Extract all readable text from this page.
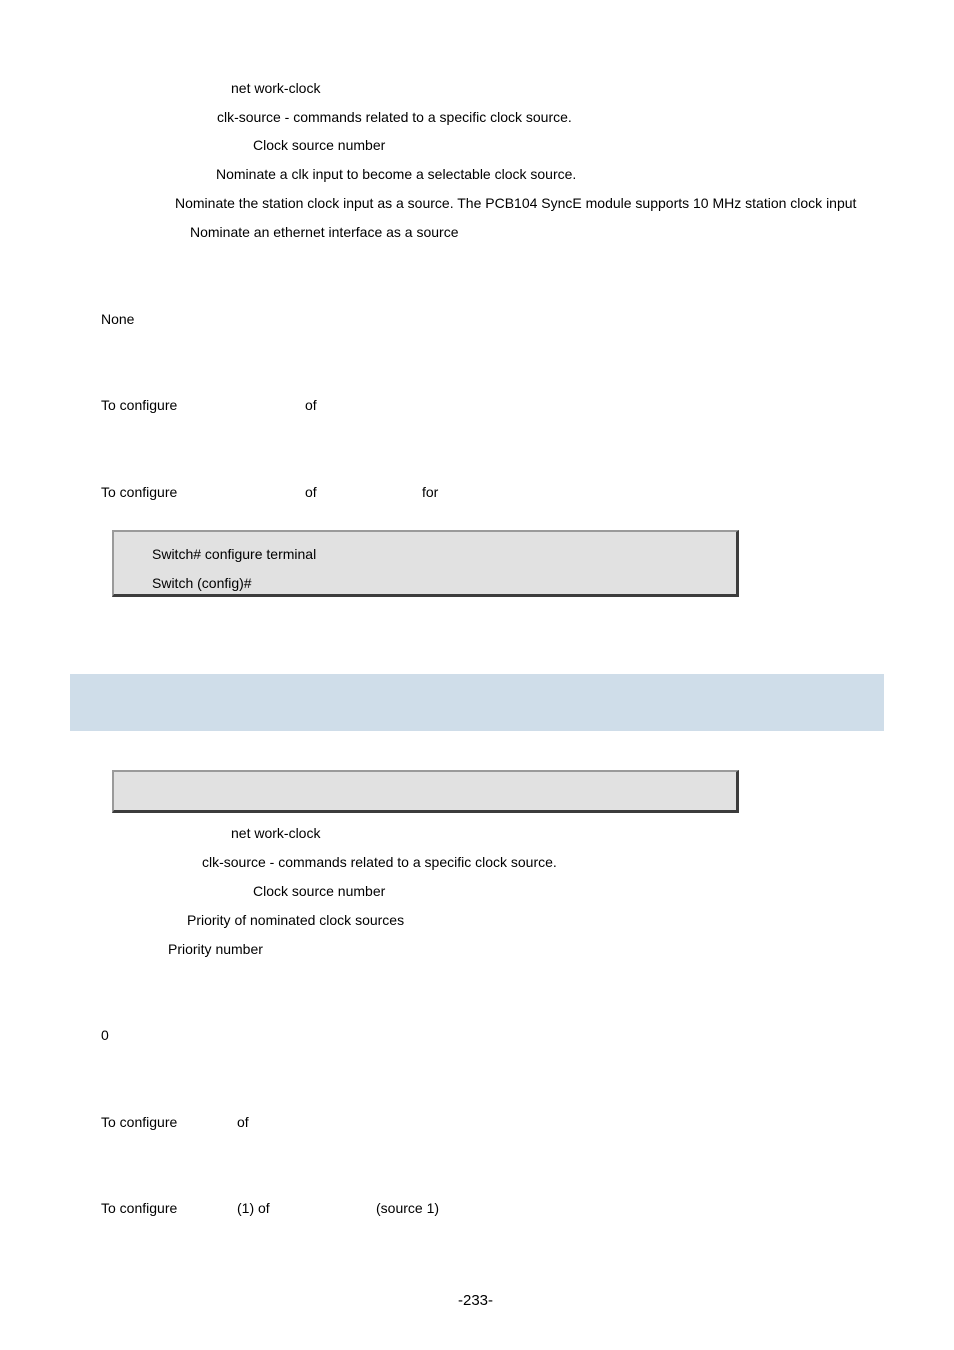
net work-clock
clk-source - commands related to a specific clock source.
Clock source number
Nominate a clk input to become a selectable clock source.
Nominate the station clock input as a source. The PCB104 SyncE module supports 10 MHz station clock input
Nominate an ethernet interface as a source
None
To configure	of
To configure	of	for
Switch# configure terminal
Switch (config)#
net work-clock
clk-source - commands related to a specific clock source.
Clock source number
Priority of nominated clock sources
Priority number
0
To configure	of
To configure	(1) of	(source 1)
-233-
